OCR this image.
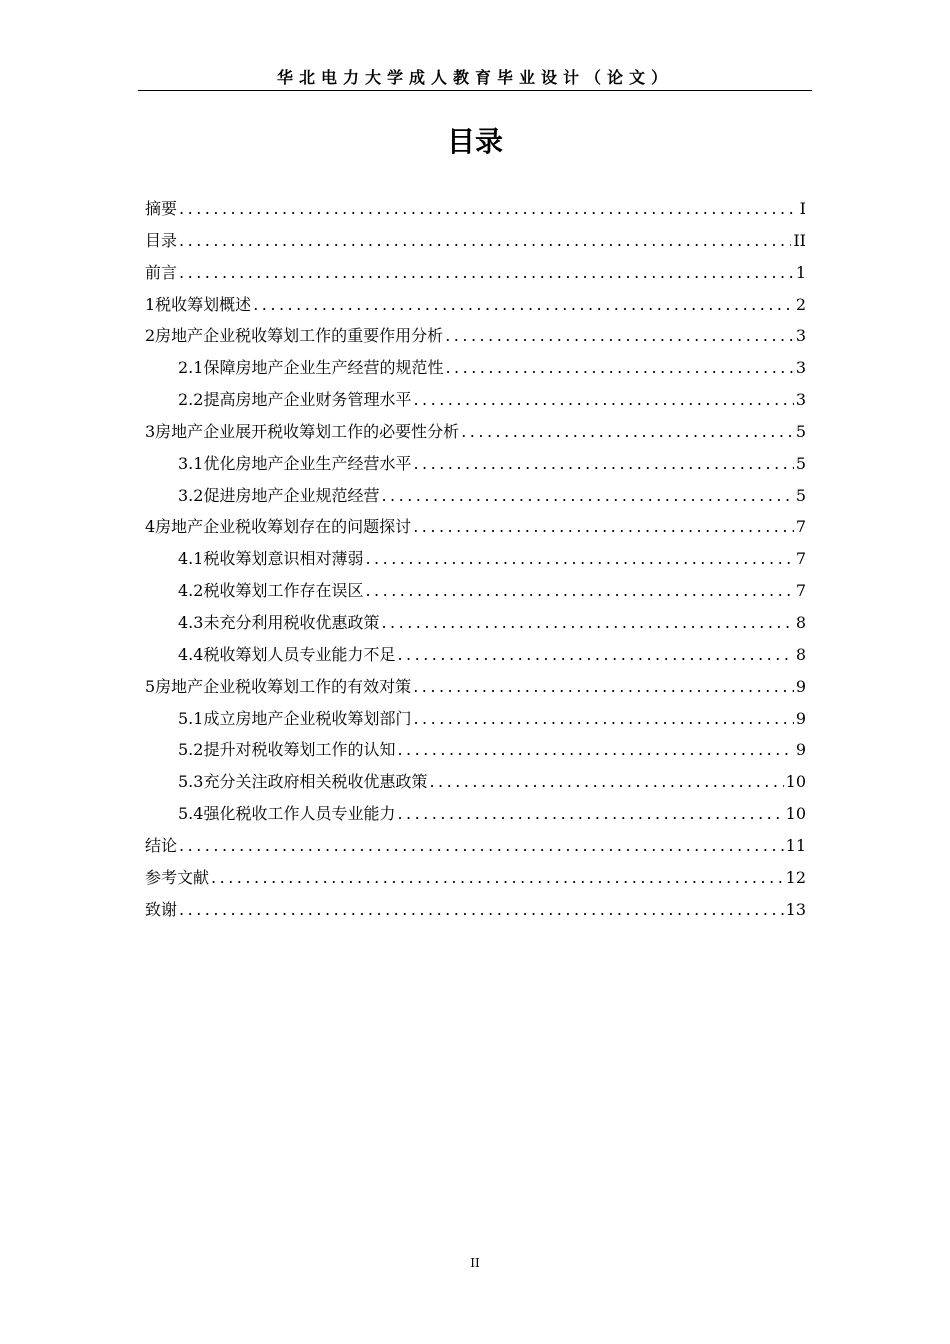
华北电力大学成人教育毕业设计（论文）
目录
摘要 .....	I
目录 .....	II
前言 .....	1
1税收筹划概述 .....	2
2房地产企业税收筹划工作的重要作用分析 .....	3
2.1保障房地产企业生产经营的规范性 .....	3
2.2提高房地产企业财务管理水平 .....	3
3房地产企业展开税收筹划工作的必要性分析 .....	5
3.1优化房地产企业生产经营水平 .....	5
3.2促进房地产企业规范经营 .....	5
4房地产企业税收筹划存在的问题探讨 .....	7
4.1税收筹划意识相对薄弱 .....	7
4.2税收筹划工作存在误区 .....	7
4.3未充分利用税收优惠政策 .....	8
4.4税收筹划人员专业能力不足 .....	8
5房地产企业税收筹划工作的有效对策 .....	9
5.1成立房地产企业税收筹划部门 .....	9
5.2提升对税收筹划工作的认知 .....	9
5.3充分关注政府相关税收优惠政策 .....	10
5.4强化税收工作人员专业能力 .....	10
结论 .....	11
参考文献 .....	12
致谢 .....	13
II
